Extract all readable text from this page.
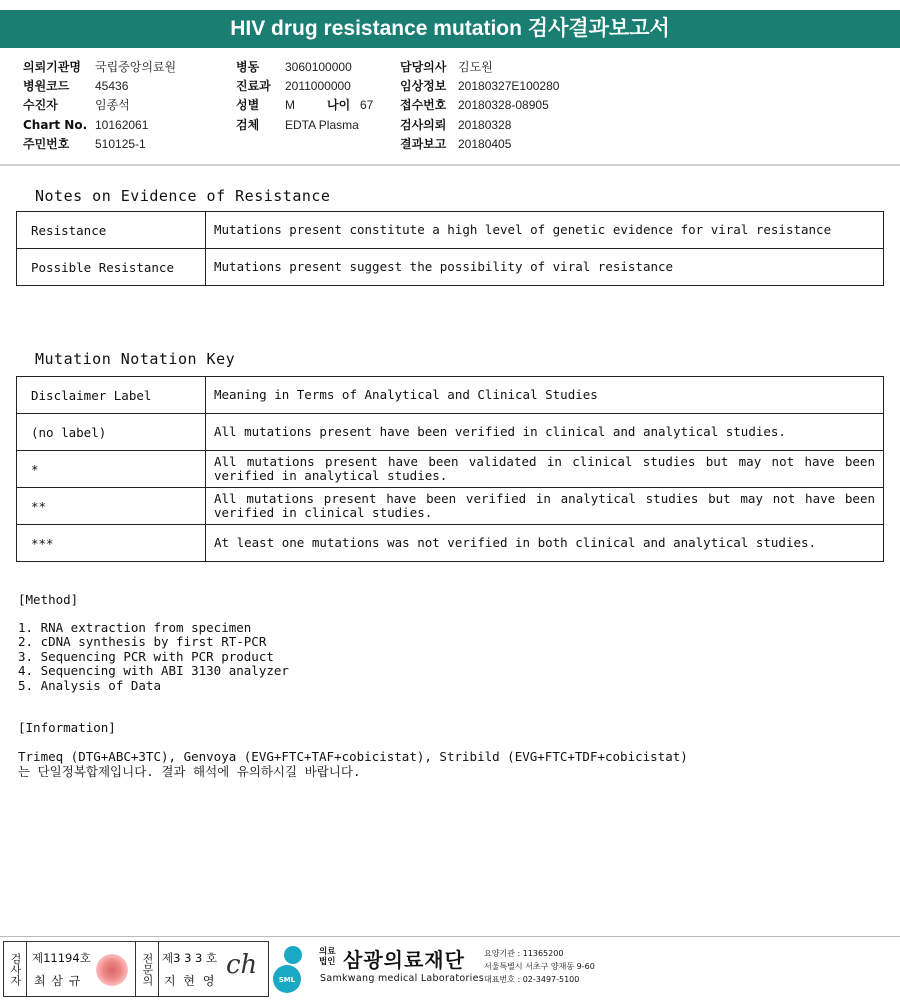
HIV drug resistance mutation 검사결과보고서
의뢰기관명 국립중앙의료원
병원코드 45436
수진자	임종석
Chart No. 10162061
주민번호 510125-1
병동 3060100000
진료과 2011000000
성별 M	나이 67
검체 EDTA Plasma
담당의사 김도원
임상정보 20180327E100280
접수번호 20180328-08905
검사의뢰 20180328
결과보고 20180405
Notes on Evidence of Resistance
Resistance	Mutations present constitute a high level of genetic evidence for viral resistance
Possible Resistance	Mutations present suggest the possibility of viral resistance
Mutation Notation Key
Disclaimer Label	Meaning in Terms of Analytical and Clinical Studies
(no label)	All mutations present have been verified in clinical and analytical studies.
*	All mutations present have been validated in clinical studies but may not have been verified in analytical studies.
**	All mutations present have been verified in analytical studies but may not have been verified in clinical studies.
***	At least one mutations was not verified in both clinical and analytical studies.
[Method]
1. RNA extraction from specimen
2. cDNA synthesis by first RT-PCR
3. Sequencing PCR with PCR product
4. Sequencing with ABI 3130 analyzer
5. Analysis of Data
[Information]
Trimeq (DTG+ABC+3TC), Genvoya (EVG+FTC+TAF+cobicistat), Stribild (EVG+FTC+TDF+cobicistat)
는 단일정복합제입니다. 결과 해석에 유의하시길 바랍니다.
검사자 제11194호
최 삼 규	전문의 제3 3 3 호
지 현 영
ch	SML
의료
법인 삼광의료재단
Samkwang medical Laboratories
요양기관 : 11365200
서울특별시 서초구 양재동 9-60
대표번호 : 02-3497-5100
